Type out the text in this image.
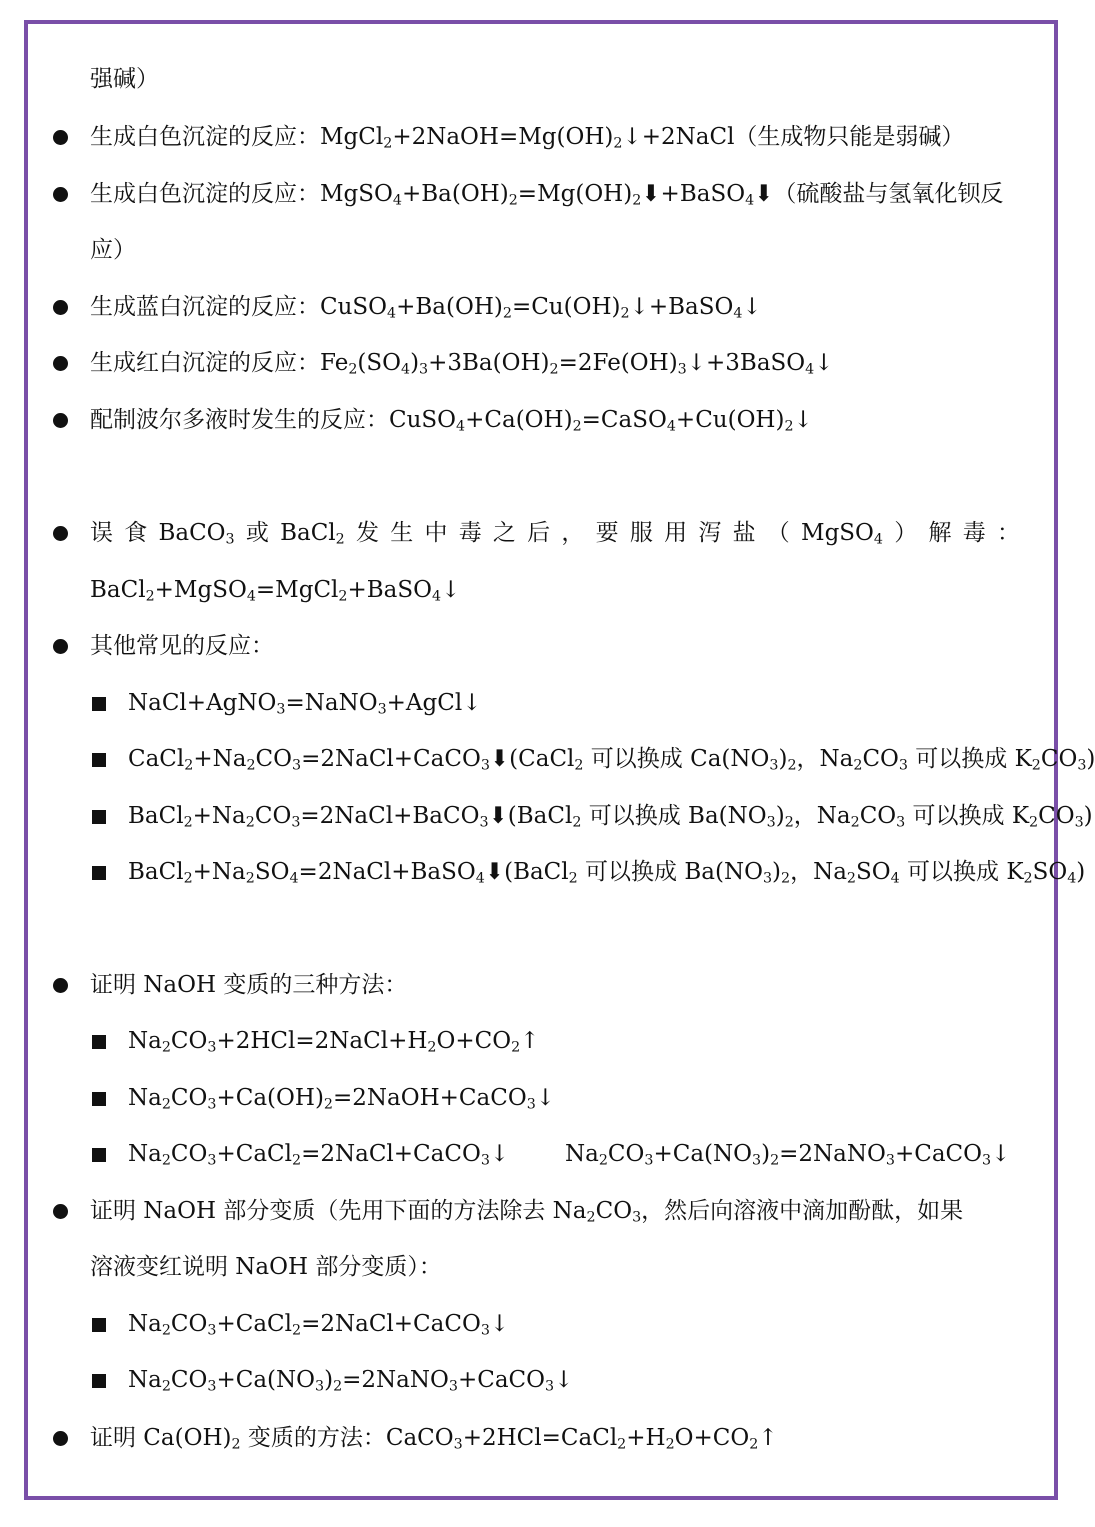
强碱）
生成白色沉淀的反应：$MgCl_2+2NaOH=Mg(OH)_2↓+2NaCl$（生成物只能是弱碱）
生成白色沉淀的反应：$MgSO_4+Ba(OH)_2=Mg(OH)_2⬇+BaSO_4⬇$（硫酸盐与氢氧化钡反
应）
生成蓝白沉淀的反应：$CuSO_4+Ba(OH)_2=Cu(OH)_2↓+BaSO_4↓$
生成红白沉淀的反应：$Fe_2(SO_4)_3+3Ba(OH)_2=2Fe(OH)_3↓+3BaSO_4↓$
配制波尔多液时发生的反应：$CuSO_4+Ca(OH)_2=CaSO_4+Cu(OH)_2↓$
误 食 BaCO$_3$ 或 BaCl$_2$ 发 生 中 毒 之 后 ， 要 服 用 泻 盐 （ MgSO$_4$ ） 解 毒 ：
BaCl$_2$+MgSO$_4$=MgCl$_2$+BaSO$_4$↓
其他常见的反应：
NaCl+AgNO$_3$=NaNO$_3$+AgCl↓
$CaCl_2+Na_2CO_3=2NaCl+CaCO_3⬇(CaCl_2$ 可以换成 $Ca(NO_3)_2$，$Na_2CO_3$ 可以换成 $K_2CO_3$)
$BaCl_2+Na_2CO_3=2NaCl+BaCO_3⬇(BaCl_2$ 可以换成 $Ba(NO_3)_2$，$Na_2CO_3$ 可以换成 $K_2CO_3$)
$BaCl_2+Na_2SO_4=2NaCl+BaSO_4⬇(BaCl_2$ 可以换成 $Ba(NO_3)_2$，$Na_2SO_4$ 可以换成 $K_2SO_4$)
证明 NaOH 变质的三种方法：
$Na_2CO_3+2HCl=2NaCl+H_2O+CO_2↑$
$Na_2CO_3+Ca(OH)_2=2NaOH+CaCO_3↓$
$Na_2CO_3+CaCl_2=2NaCl+CaCO_3↓$ $Na_2CO_3+Ca(NO_3)_2=2NaNO_3+CaCO_3↓$
证明 NaOH 部分变质（先用下面的方法除去 $Na_2CO_3$，然后向溶液中滴加酚酞，如果
溶液变红说明 NaOH 部分变质）：
$Na_2CO_3+CaCl_2=2NaCl+CaCO_3↓$
$Na_2CO_3+Ca(NO_3)_2=2NaNO_3+CaCO_3↓$
证明 $Ca(OH)_2$ 变质的方法：$CaCO_3+2HCl=CaCl_2+H_2O+CO_2↑$
